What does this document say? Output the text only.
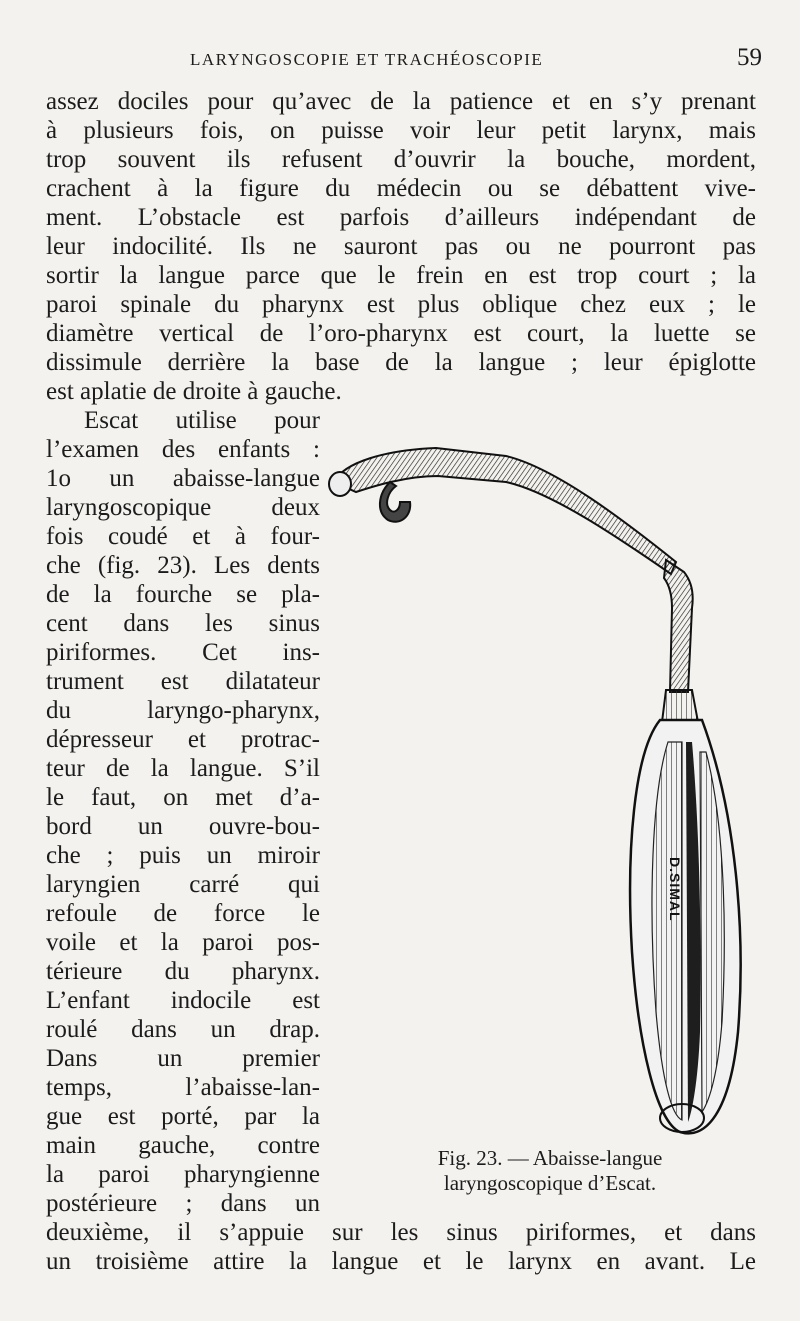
LARYNGOSCOPIE ET TRACHÉOSCOPIE	59
assez dociles pour qu’avec de la patience et en s’y prenant
à plusieurs fois, on puisse voir leur petit larynx, mais
trop souvent ils refusent d’ouvrir la bouche, mordent,
crachent à la figure du médecin ou se débattent vive-
ment. L’obstacle est parfois d’ailleurs indépendant de
leur indocilité. Ils ne sauront pas ou ne pourront pas
sortir la langue parce que le frein en est trop court ; la
paroi spinale du pharynx est plus oblique chez eux ; le
diamètre vertical de l’oro-pharynx est court, la luette se
dissimule derrière la base de la langue ; leur épiglotte
est aplatie de droite à gauche.
Escat utilise pour
l’examen des enfants :
1o un abaisse-langue
laryngoscopique deux
fois coudé et à four-
che (fig. 23). Les dents
de la fourche se pla-
cent dans les sinus
piriformes. Cet ins-
trument est dilatateur
du laryngo-pharynx,
dépresseur et protrac-
teur de la langue. S’il
le faut, on met d’a-
bord un ouvre-bou-
che ; puis un miroir
laryngien carré qui
refoule de force le
voile et la paroi pos-
térieure du pharynx.
L’enfant indocile est
roulé dans un drap.
Dans un premier
temps, l’abaisse-lan-
gue est porté, par la
main gauche, contre
la paroi pharyngienne
postérieure ; dans un
deuxième, il s’appuie sur les sinus piriformes, et dans
un troisième attire la langue et le larynx en avant. Le
D.SIMAL
Fig. 23. — Abaisse-langue
laryngoscopique d’Escat.
